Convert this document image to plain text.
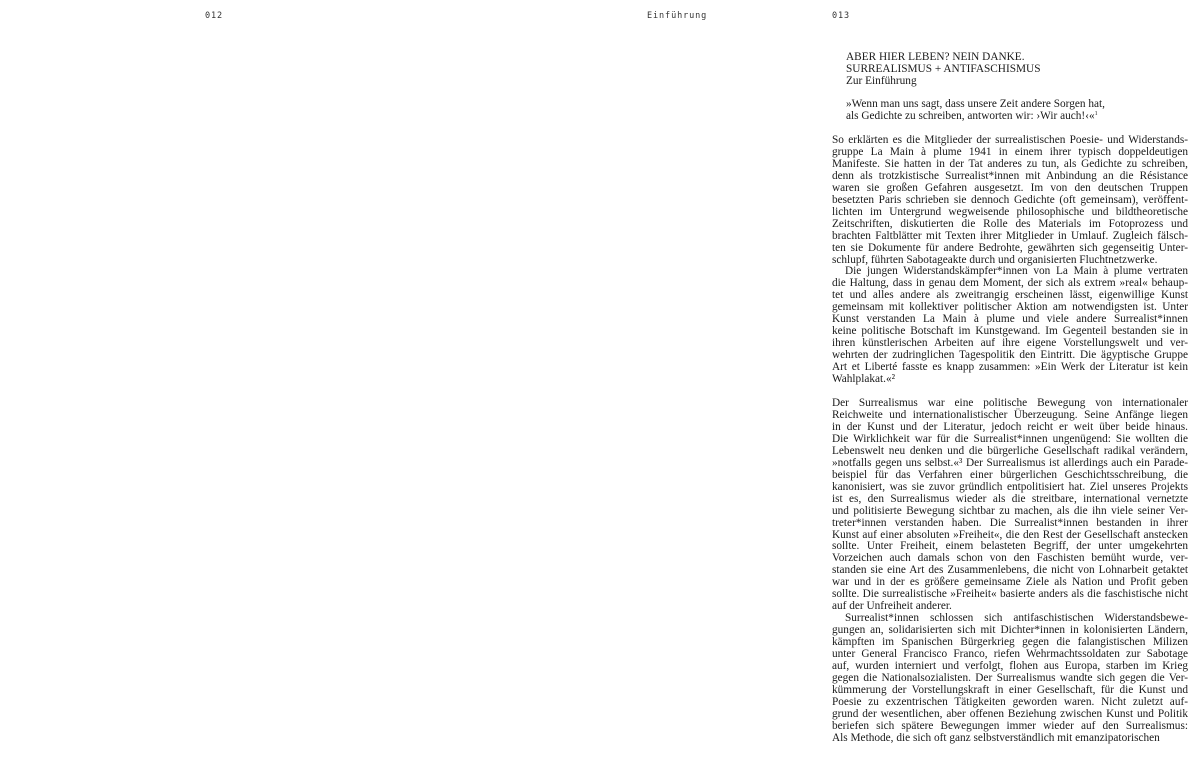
012	Einführung	013
ABER HIER LEBEN? NEIN DANKE.
SURREALISMUS + ANTIFASCHISMUS
Zur Einführung
»Wenn man uns sagt, dass unsere Zeit andere Sorgen hat,
als Gedichte zu schreiben, antworten wir: ›Wir auch!‹«$^1$
So erklärten es die Mitglieder der surrealistischen Poesie- und Widerstands-
gruppe La Main à plume 1941 in einem ihrer typisch doppeldeutigen
Manifeste. Sie hatten in der Tat anderes zu tun, als Gedichte zu schreiben,
denn als trotzkistische Surrealist*innen mit Anbindung an die Résistance
waren sie großen Gefahren ausgesetzt. Im von den deutschen Truppen
besetzten Paris schrieben sie dennoch Gedichte (oft gemeinsam), veröffent-
lichten im Untergrund wegweisende philosophische und bildtheoretische
Zeitschriften, diskutierten die Rolle des Materials im Fotoprozess und
brachten Faltblätter mit Texten ihrer Mitglieder in Umlauf. Zugleich fälsch-
ten sie Dokumente für andere Bedrohte, gewährten sich gegenseitig Unter-
schlupf, führten Sabotageakte durch und organisierten Fluchtnetzwerke.
Die jungen Widerstandskämpfer*innen von La Main à plume vertraten
die Haltung, dass in genau dem Moment, der sich als extrem »real« behaup-
tet und alles andere als zweitrangig erscheinen lässt, eigenwillige Kunst
gemeinsam mit kollektiver politischer Aktion am notwendigsten ist. Unter
Kunst verstanden La Main à plume und viele andere Surrealist*innen
keine politische Botschaft im Kunstgewand. Im Gegenteil bestanden sie in
ihren künstlerischen Arbeiten auf ihre eigene Vorstellungswelt und ver-
wehrten der zudringlichen Tagespolitik den Eintritt. Die ägyptische Gruppe
Art et Liberté fasste es knapp zusammen: »Ein Werk der Literatur ist kein
Wahlplakat.«²
Der Surrealismus war eine politische Bewegung von internationaler
Reichweite und internationalistischer Überzeugung. Seine Anfänge liegen
in der Kunst und der Literatur, jedoch reicht er weit über beide hinaus.
Die Wirklichkeit war für die Surrealist*innen ungenügend: Sie wollten die
Lebenswelt neu denken und die bürgerliche Gesellschaft radikal verändern,
»notfalls gegen uns selbst.«³ Der Surrealismus ist allerdings auch ein Parade-
beispiel für das Verfahren einer bürgerlichen Geschichtsschreibung, die
kanonisiert, was sie zuvor gründlich entpolitisiert hat. Ziel unseres Projekts
ist es, den Surrealismus wieder als die streitbare, international vernetzte
und politisierte Bewegung sichtbar zu machen, als die ihn viele seiner Ver-
treter*innen verstanden haben. Die Surrealist*innen bestanden in ihrer
Kunst auf einer absoluten »Freiheit«, die den Rest der Gesellschaft anstecken
sollte. Unter Freiheit, einem belasteten Begriff, der unter umgekehrten
Vorzeichen auch damals schon von den Faschisten bemüht wurde, ver-
standen sie eine Art des Zusammenlebens, die nicht von Lohnarbeit getaktet
war und in der es größere gemeinsame Ziele als Nation und Profit geben
sollte. Die surrealistische »Freiheit« basierte anders als die faschistische nicht
auf der Unfreiheit anderer.
Surrealist*innen schlossen sich antifaschistischen Widerstandsbewe-
gungen an, solidarisierten sich mit Dichter*innen in kolonisierten Ländern,
kämpften im Spanischen Bürgerkrieg gegen die falangistischen Milizen
unter General Francisco Franco, riefen Wehrmachtssoldaten zur Sabotage
auf, wurden interniert und verfolgt, flohen aus Europa, starben im Krieg
gegen die Nationalsozialisten. Der Surrealismus wandte sich gegen die Ver-
kümmerung der Vorstellungskraft in einer Gesellschaft, für die Kunst und
Poesie zu exzentrischen Tätigkeiten geworden waren. Nicht zuletzt auf-
grund der wesentlichen, aber offenen Beziehung zwischen Kunst und Politik
beriefen sich spätere Bewegungen immer wieder auf den Surrealismus:
Als Methode, die sich oft ganz selbstverständlich mit emanzipatorischen
